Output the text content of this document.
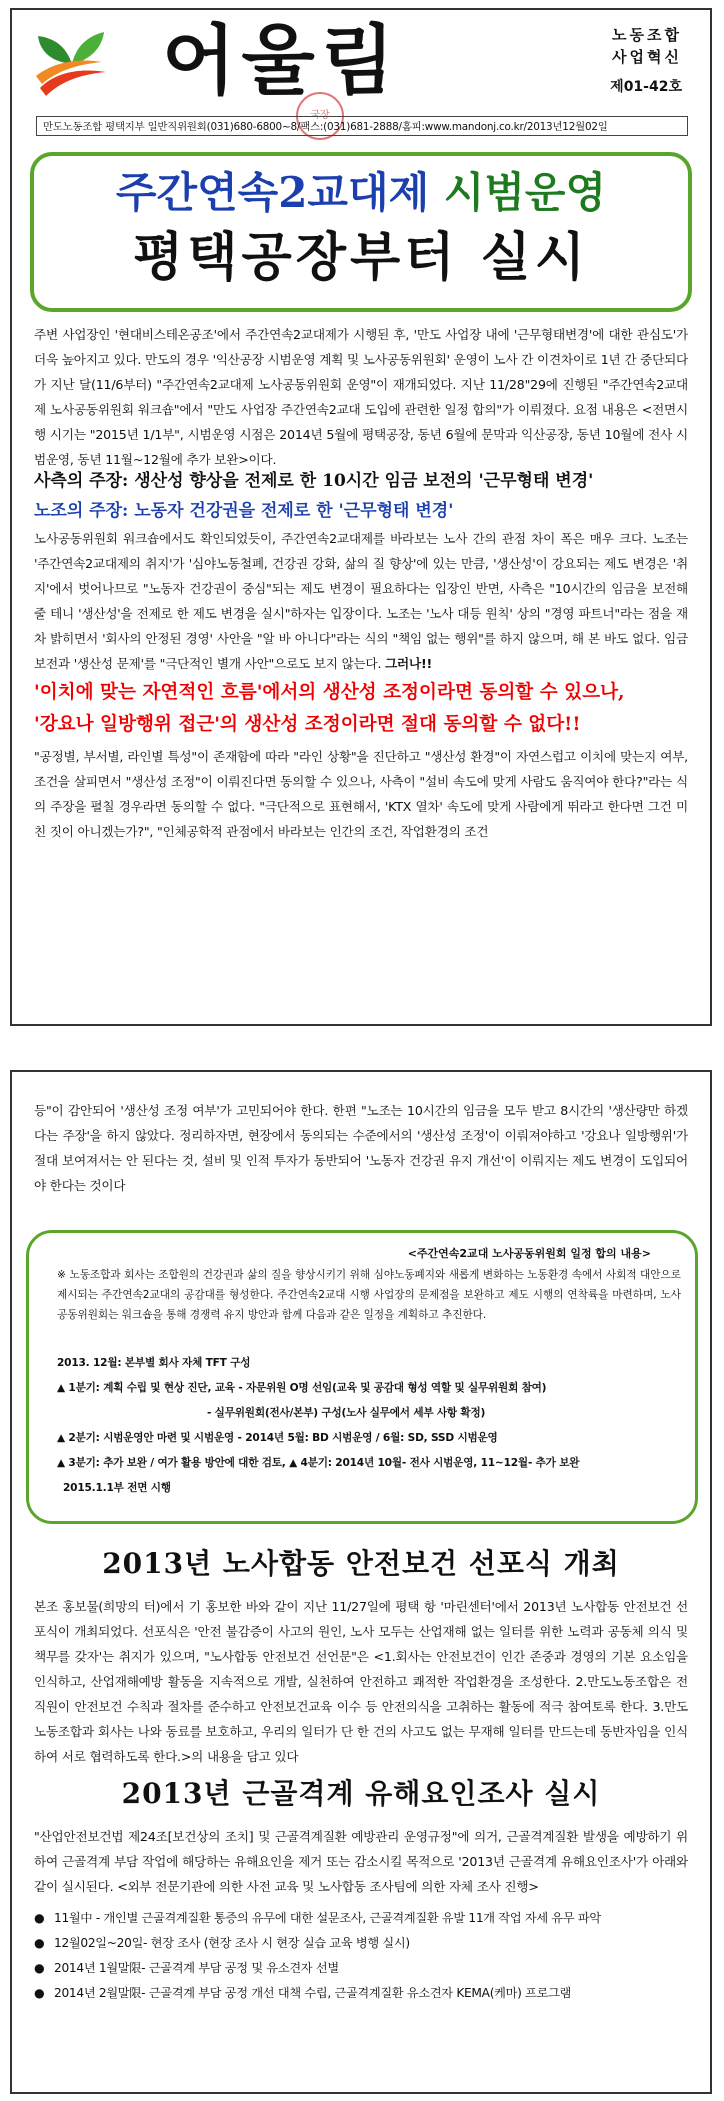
어울림	노동조합
사업혁신
제01-42호
국장
만도노동조합 평택지부 일반직위원회(031)680-6800~8/팩스:(031)681-2888/홈피:www.mandonj.co.kr/2013년12월02일
주간연속2교대제 시범운영
평택공장부터 실시

주변 사업장인 '현대비스테온공조'에서 주간연속2교대제가 시행된 후, '만도 사업장 내에 '근무형태변경'에 대한 관심도'가 더욱 높아지고 있다. 만도의 경우 '익산공장 시범운영 계획 및 노사공동위원회' 운영이 노사 간 이견차이로 1년 간 중단되다가 지난 달(11/6부터) "주간연속2교대제 노사공동위원회 운영"이 재개되었다. 지난 11/28"29에 진행된 "주간연속2교대제 노사공동위원회 워크숍"에서 "만도 사업장 주간연속2교대 도입에 관련한 일정 합의"가 이뤄졌다. 요점 내용은 <전면시행 시기는 "2015년 1/1부", 시범운영 시점은 2014년 5월에 평택공장, 동년 6월에 문막과 익산공장, 동년 10월에 전사 시범운영, 동년 11월~12월에 추가 보완>이다.

사측의 주장: 생산성 향상을 전제로 한 10시간 임금 보전의 '근무형태 변경'
노조의 주장: 노동자 건강권을 전제로 한 '근무형태 변경'

노사공동위원회 워크숍에서도 확인되었듯이, 주간연속2교대제를 바라보는 노사 간의 관점 차이 폭은 매우 크다. 노조는 '주간연속2교대제의 취지'가 '심야노동철폐, 건강권 강화, 삶의 질 향상'에 있는 만큼, '생산성'이 강요되는 제도 변경은 '취지'에서 벗어나므로 "노동자 건강권이 중심"되는 제도 변경이 필요하다는 입장인 반면, 사측은 "10시간의 임금을 보전해 줄 테니 '생산성'을 전제로 한 제도 변경을 실시"하자는 입장이다. 노조는 '노사 대등 원칙' 상의 "경영 파트너"라는 점을 재차 밝히면서 '회사의 안정된 경영' 사안을 "알 바 아니다"라는 식의 "책임 없는 행위"를 하지 않으며, 해 본 바도 없다. 임금 보전과 '생산성 문제'를 "극단적인 별개 사안"으로도 보지 않는다. 그러나!!

'이치에 맞는 자연적인 흐름'에서의 생산성 조정이라면 동의할 수 있으나,
'강요나 일방행위 접근'의 생산성 조정이라면 절대 동의할 수 없다!!

"공정별, 부서별, 라인별 특성"이 존재함에 따라 "라인 상황"을 진단하고 "생산성 환경"이 자연스럽고 이치에 맞는지 여부, 조건을 살피면서 "생산성 조정"이 이뤄진다면 동의할 수 있으나, 사측이 "설비 속도에 맞게 사람도 움직여야 한다?"라는 식의 주장을 펼칠 경우라면 동의할 수 없다. "극단적으로 표현해서, 'KTX 열차' 속도에 맞게 사람에게 뛰라고 한다면 그건 미친 짓이 아니겠는가?", "인체공학적 관점에서 바라보는 인간의 조건, 작업환경의 조건

등"이 감안되어 '생산성 조정 여부'가 고민되어야 한다. 한편 "노조는 10시간의 임금을 모두 받고 8시간의 '생산량만 하겠다는 주장'을 하지 않았다. 정리하자면, 현장에서 동의되는 수준에서의 '생산성 조정'이 이뤄져야하고 '강요나 일방행위'가 절대 보여져서는 안 된다는 것, 설비 및 인적 투자가 동반되어 '노동자 건강권 유지 개선'이 이뤄지는 제도 변경이 도입되어야 한다는 것이다

<주간연속2교대 노사공동위원회 일정 합의 내용>
※ 노동조합과 회사는 조합원의 건강권과 삶의 질을 향상시키기 위해 심야노동폐지와 새롭게 변화하는 노동환경 속에서 사회적 대안으로 제시되는 주간연속2교대의 공감대를 형성한다. 주간연속2교대 시행 사업장의 문제점을 보완하고 제도 시행의 연착륙을 마련하며, 노사공동위원회는 워크숍을 통해 경쟁력 유지 방안과 함께 다음과 같은 일정을 계획하고 추진한다.
2013. 12월: 본부별 회사 자체 TFT 구성
▲ 1분기: 계획 수립 및 현상 진단, 교육 - 자문위원 O명 선임(교육 및 공감대 형성 역할 및 실무위원회 참여)
- 실무위원회(전사/본부) 구성(노사 실무에서 세부 사항 확정)
▲ 2분기: 시범운영안 마련 및 시범운영 - 2014년 5월: BD 시범운영 / 6월: SD, SSD 시범운영
▲ 3분기: 추가 보완 / 여가 활용 방안에 대한 검토, ▲ 4분기: 2014년 10월- 전사 시범운영, 11~12월- 추가 보완
2015.1.1부 전면 시행
2013년 노사합동 안전보건 선포식 개최

본조 홍보물(희망의 터)에서 기 홍보한 바와 같이 지난 11/27일에 평택 항 '마린센터'에서 2013년 노사합동 안전보건 선포식이 개최되었다. 선포식은 '안전 불감증이 사고의 원인, 노사 모두는 산업재해 없는 일터를 위한 노력과 공동체 의식 및 책무를 갖자'는 취지가 있으며, "노사합동 안전보건 선언문"은 <1.회사는 안전보건이 인간 존중과 경영의 기본 요소임을 인식하고, 산업재해예방 활동을 지속적으로 개발, 실천하여 안전하고 쾌적한 작업환경을 조성한다. 2.만도노동조합은 전 직원이 안전보건 수칙과 절차를 준수하고 안전보건교육 이수 등 안전의식을 고취하는 활동에 적극 참여토록 한다. 3.만도노동조합과 회사는 나와 동료를 보호하고, 우리의 일터가 단 한 건의 사고도 없는 무재해 일터를 만드는데 동반자임을 인식하여 서로 협력하도록 한다.>의 내용을 담고 있다

2013년 근골격계 유해요인조사 실시

"산업안전보건법 제24조[보건상의 조치] 및 근골격계질환 예방관리 운영규정"에 의거, 근골격계질환 발생을 예방하기 위하여 근골격계 부담 작업에 해당하는 유해요인을 제거 또는 감소시킬 목적으로 '2013년 근골격계 유해요인조사'가 아래와 같이 실시된다. <외부 전문기관에 의한 사전 교육 및 노사합동 조사팀에 의한 자체 조사 진행>

● 11월中 - 개인별 근골격계질환 통증의 유무에 대한 설문조사, 근골격계질환 유발 11개 작업 자세 유무 파악
● 12월02일~20일- 현장 조사 (현장 조사 시 현장 실습 교육 병행 실시)
● 2014년 1월말限- 근골격계 부담 공정 및 유소견자 선별
● 2014년 2월말限- 근골격계 부담 공정 개선 대책 수립, 근골격계질환 유소견자 KEMA(케마) 프로그램
